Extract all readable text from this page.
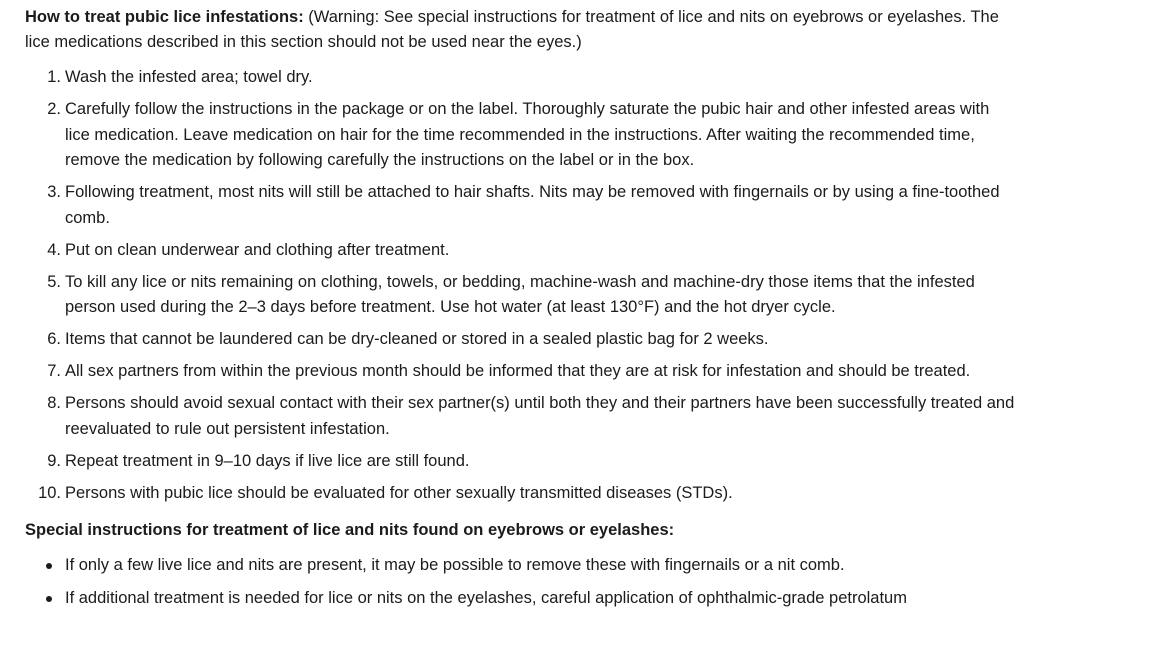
How to treat pubic lice infestations: (Warning: See special instructions for treatment of lice and nits on eyebrows or eyelashes. The lice medications described in this section should not be used near the eyes.)

1. Wash the infested area; towel dry.
2. Carefully follow the instructions in the package or on the label. Thoroughly saturate the pubic hair and other infested areas with lice medication. Leave medication on hair for the time recommended in the instructions. After waiting the recommended time, remove the medication by following carefully the instructions on the label or in the box.
3. Following treatment, most nits will still be attached to hair shafts. Nits may be removed with fingernails or by using a fine-toothed comb.
4. Put on clean underwear and clothing after treatment.
5. To kill any lice or nits remaining on clothing, towels, or bedding, machine-wash and machine-dry those items that the infested person used during the 2–3 days before treatment. Use hot water (at least 130°F) and the hot dryer cycle.
6. Items that cannot be laundered can be dry-cleaned or stored in a sealed plastic bag for 2 weeks.
7. All sex partners from within the previous month should be informed that they are at risk for infestation and should be treated.
8. Persons should avoid sexual contact with their sex partner(s) until both they and their partners have been successfully treated and reevaluated to rule out persistent infestation.
9. Repeat treatment in 9–10 days if live lice are still found.
10. Persons with pubic lice should be evaluated for other sexually transmitted diseases (STDs).

Special instructions for treatment of lice and nits found on eyebrows or eyelashes:

If only a few live lice and nits are present, it may be possible to remove these with fingernails or a nit comb.
If additional treatment is needed for lice or nits on the eyelashes, careful application of ophthalmic-grade petrolatum
